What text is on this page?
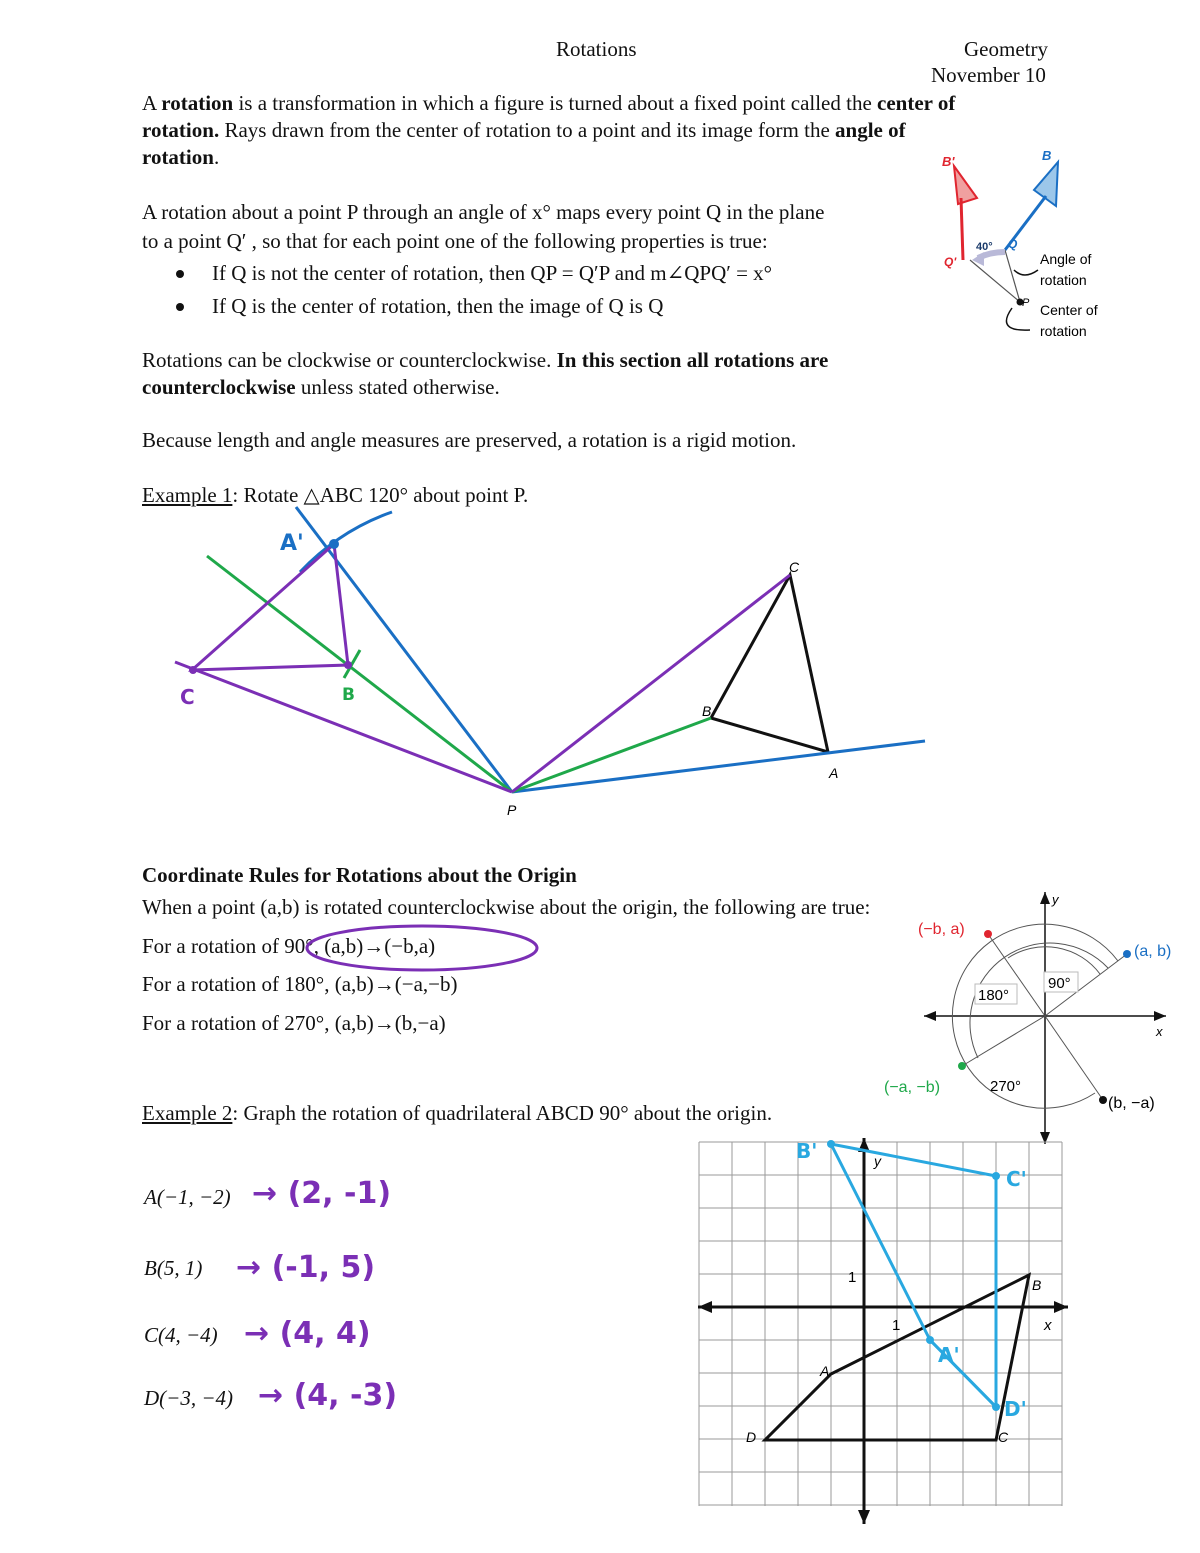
Rotations	Geometry
November 10
A rotation is a transformation in which a figure is turned about a fixed point called the center of
rotation. Rays drawn from the center of rotation to a point and its image form the angle of
rotation.
A rotation about a point P through an angle of x° maps every point Q in the plane
to a point Q′ , so that for each point one of the following properties is true:
If Q is not the center of rotation, then QP = Q′P and m∠QPQ′ = x°
If Q is the center of rotation, then the image of Q is Q
Rotations can be clockwise or counterclockwise. In this section all rotations are
counterclockwise unless stated otherwise.
Because length and angle measures are preserved, a rotation is a rigid motion.
Example 1: Rotate △ABC 120° about point P.
A
B
C
P
A'
B
C
B'	B
Q'
Q
40°
P
Angle of
rotation
Center of
rotation
Coordinate Rules for Rotations about the Origin
When a point (a,b) is rotated counterclockwise about the origin, the following are true:
For a rotation of 90°, (a,b)→(−b,a)
For a rotation of 180°, (a,b)→(−a,−b)
For a rotation of 270°, (a,b)→(b,−a)
y
x
(a, b)
(−b, a)
(−a, −b)
(b, −a)
90°
180°
270°
Example 2: Graph the rotation of quadrilateral ABCD 90° about the origin.
A(−1, −2) → (2, -1)
B(5, 1) → (-1, 5)
C(4, −4) → (4, 4)
D(−3, −4) → (4, -3)
y
x
1
1
A
B
C
D
B'
C'
A'
D'
